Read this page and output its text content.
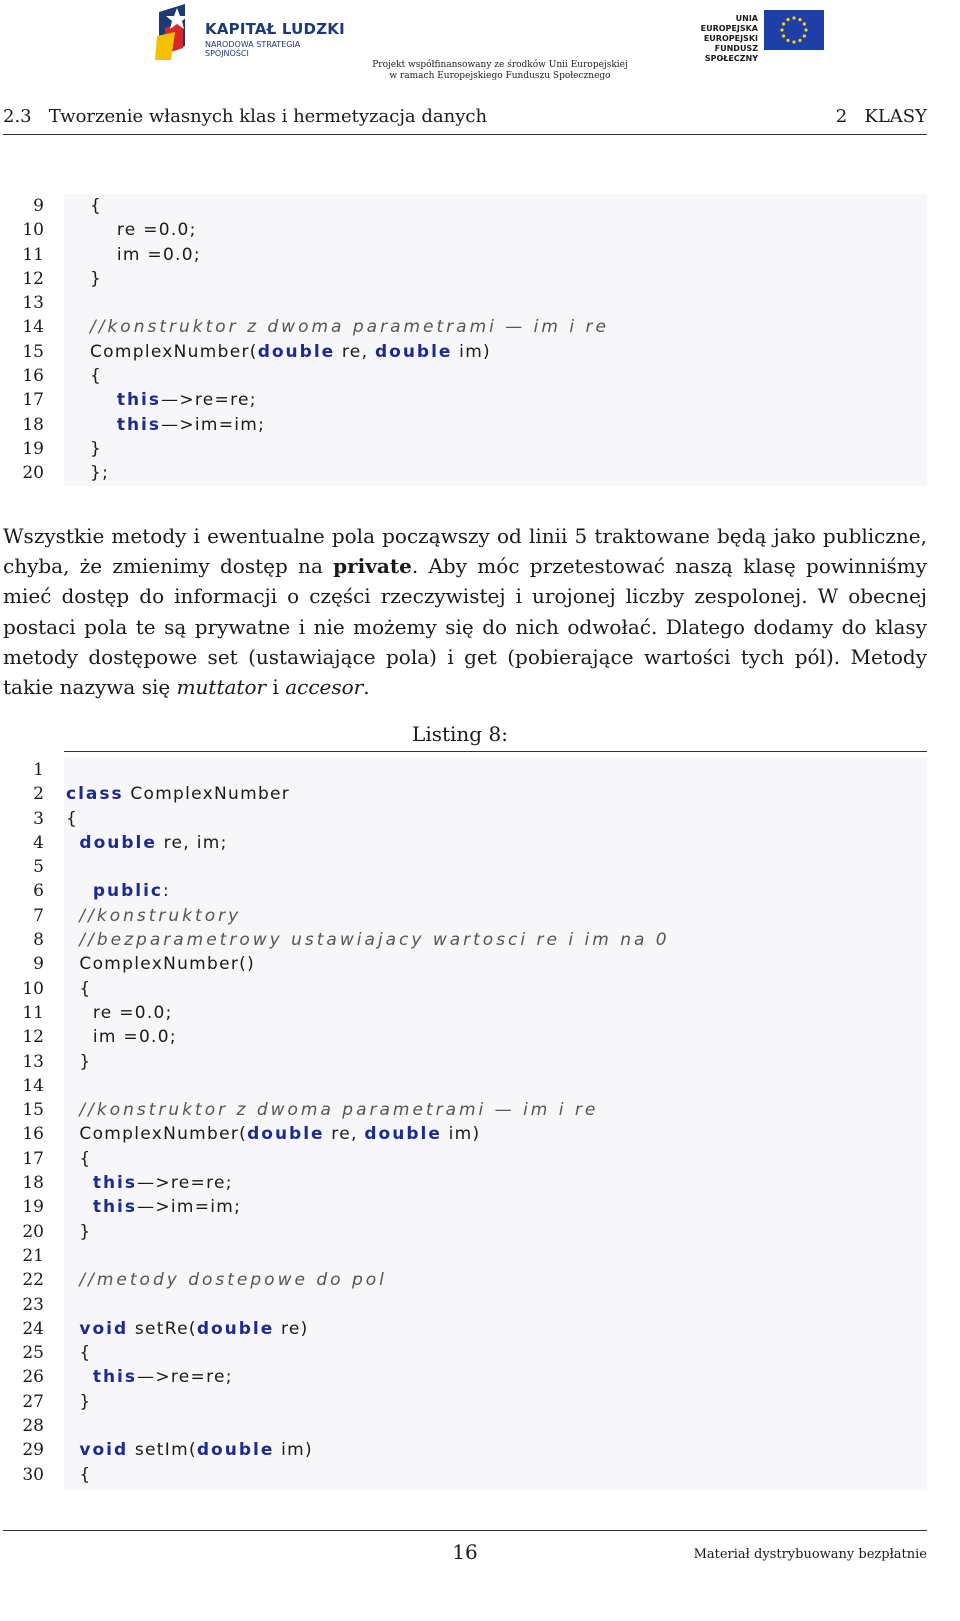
KAPITAŁ LUDZKI
NARODOWA STRATEGIA SPÓJNOŚCI
UNIA EUROPEJSKA
EUROPEJSKI
FUNDUSZ SPOŁECZNY
Projekt współfinansowany ze środków Unii Europejskiej
w ramach Europejskiego Funduszu Społecznego
2.3   Tworzenie własnych klas i hermetyzacja danych	2   KLASY
9
10
11
12
13
14
15
16
17
18
19
20
{
re =0.0;
im =0.0;
}

//konstruktor z dwoma parametrami — im i re
ComplexNumber(double re, double im)
{
this—>re=re;
this—>im=im;
}
};

Wszystkie metody i ewentualne pola począwszy od linii 5 traktowane będą jako publiczne, chyba, że zmienimy dostęp na private. Aby móc przetestować naszą klasę powinniśmy mieć dostęp do informacji o części rzeczywistej i urojonej liczby zespolonej. W obecnej postaci pola te są prywatne i nie możemy się do nich odwołać. Dlatego dodamy do klasy metody dostępowe set (ustawiające pola) i get (pobierające wartości tych pól). Metody takie nazywa się muttator i accesor.

Listing 8:
1
2
3
4
5
6
7
8
9
10
11
12
13
14
15
16
17
18
19
20
21
22
23
24
25
26
27
28
29
30

class ComplexNumber
{
double re, im;

public:
//konstruktory
//bezparametrowy ustawiajacy wartosci re i im na 0
ComplexNumber()
{
re =0.0;
im =0.0;
}

//konstruktor z dwoma parametrami — im i re
ComplexNumber(double re, double im)
{
this—>re=re;
this—>im=im;
}

//metody dostepowe do pol

void setRe(double re)
{
this—>re=re;
}

void setIm(double im)
{
16	Materiał dystrybuowany bezpłatnie
